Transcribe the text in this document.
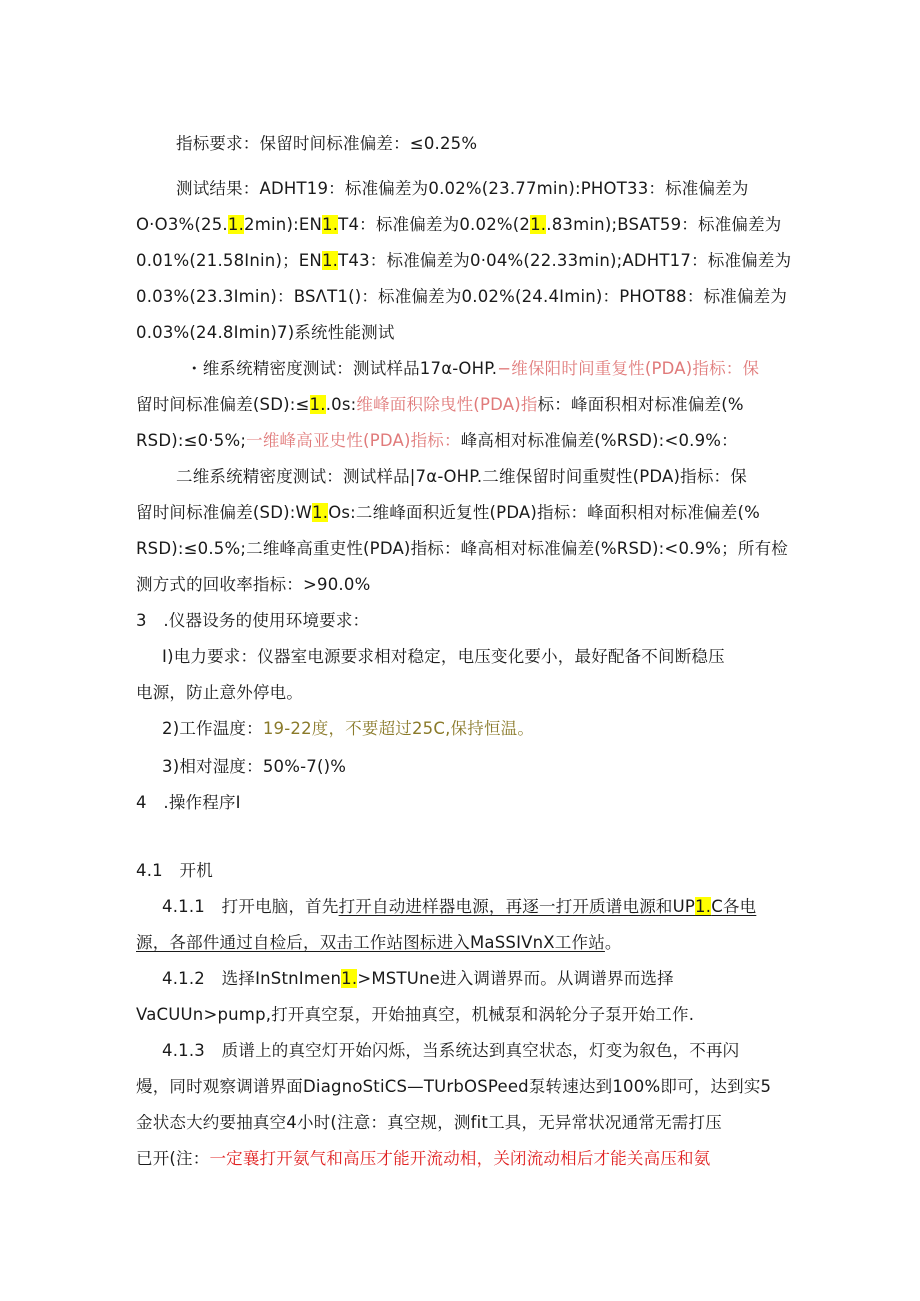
指标要求：保留时间标准偏差：≤0.25%
测试结果：ADHT19：标准偏差为0.02%(23.77min):PHOT33：标准偏差为
O·O3%(25.1.2min):EN1.T4：标准偏差为0.02%(21..83min);BSAT59：标准偏差为
0.01%(21.58Inin)；EN1.T43：标准偏差为0·04%(22.33min);ADHT17：标准偏差为
0.03%(23.3Imin)：BSΛT1()：标准偏差为0.02%(24.4Imin)：PHOT88：标准偏差为
0.03%(24.8Imin)7)系统性能测试
・维系统精密度测试：测试样品17α-OHP.−维保阳时间重复性(PDA)指标：保
留时间标准偏差(SD):≤1..0s:维峰面积除曳性(PDA)指标：峰面积相对标准偏差(%
RSD):≤0·5%;一维峰高亚史性(PDA)指标：峰高相对标准偏差(%RSD):<0.9%：
二维系统精密度测试：测试样品|7α-OHP.二维保留时间重熨性(PDA)指标：保
留时间标准偏差(SD):W1.Os:二维峰面积近复性(PDA)指标：峰面积相对标准偏差(%
RSD):≤0.5%;二维峰高重吏性(PDA)指标：峰高相对标准偏差(%RSD):<0.9%；所有检
测方式的回收率指标：>90.0%
3　.仪器设务的使用环境要求：
I)电力要求：仪器室电源要求相对稳定，电压变化要小，最好配备不间断稳压
电源，防止意外停电。
2)工作温度：19-22度，不要超过25C,保持恒温。
3)相对湿度：50%-7()%
4　.操作程序I
4.1　开机
4.1.1　打开电脑，首先打开自动进样器电源，再逐一打开质谱电源和UP1.C各电
源，各部件通过自检后，双击工作站图标进入MaSSIVnX工作站。
4.1.2　选择InStnImen1.>MSTUne进入调谱界而。从调谱界而选择
VaCUUn>pump,打开真空泵，开始抽真空，机械泵和涡轮分子泵开始工作.
4.1.3　质谱上的真空灯开始闪烁，当系统达到真空状态，灯变为叙色，不再闪
熳，同时观察调谱界面DiagnoStiCS—TUrbOSPeed泵转速达到100%即可，达到实5
金状态大约要抽真空4小时(注意：真空规，测fit工具，无异常状况通常无需打压
已开(注：一定襄打开氨气和高压才能开流动相，关闭流动相后才能关高压和氨
